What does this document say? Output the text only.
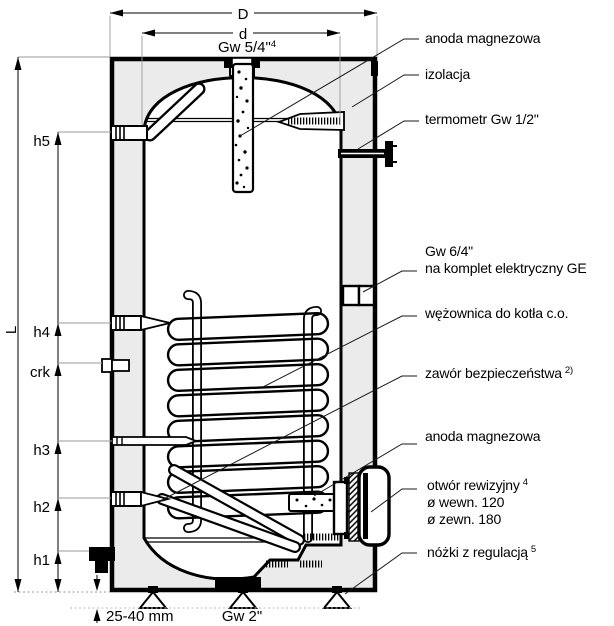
D
d
Gw 5/4"$^4$
L
h5
h4
crk
h3
h2
h1
25-40 mm	Gw 2"
anoda magnezowa
izolacja
termometr Gw 1/2"
Gw 6/4"
na komplet elektryczny GE
wężownica do kotła c.o.
zawór bezpieczeństwa $^{2)}$
anoda magnezowa
otwór rewizyjny $^4$
ø wewn. 120
ø zewn. 180
nóżki z regulacją $^5$
